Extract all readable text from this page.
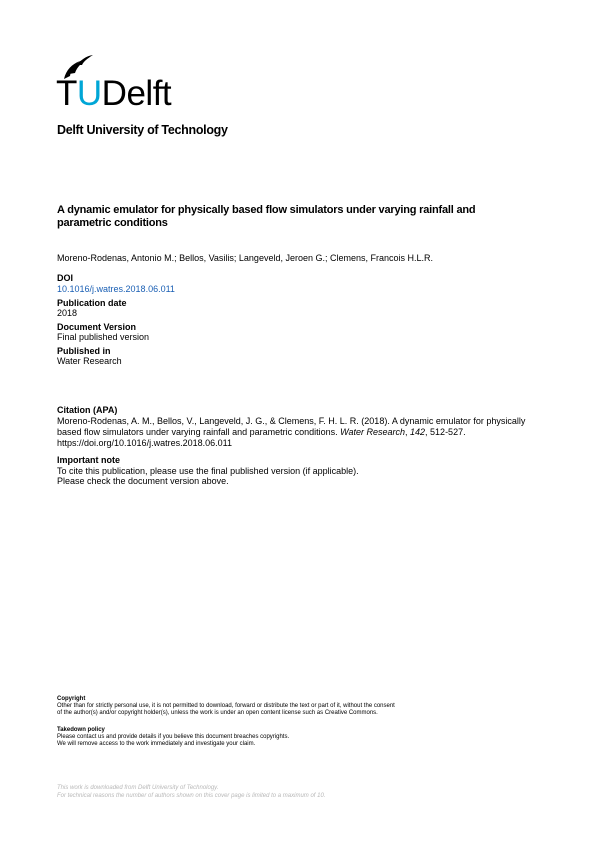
TUDelft
Delft University of Technology
A dynamic emulator for physically based flow simulators under varying rainfall and parametric conditions
Moreno-Rodenas, Antonio M.; Bellos, Vasilis; Langeveld, Jeroen G.; Clemens, Francois H.L.R.
DOI
10.1016/j.watres.2018.06.011
Publication date
2018
Document Version
Final published version
Published in
Water Research
Citation (APA)
Moreno-Rodenas, A. M., Bellos, V., Langeveld, J. G., & Clemens, F. H. L. R. (2018). A dynamic emulator for physically based flow simulators under varying rainfall and parametric conditions. Water Research, 142, 512-527. https://doi.org/10.1016/j.watres.2018.06.011
Important note
To cite this publication, please use the final published version (if applicable).
Please check the document version above.
Copyright
Other than for strictly personal use, it is not permitted to download, forward or distribute the text or part of it, without the consent
of the author(s) and/or copyright holder(s), unless the work is under an open content license such as Creative Commons.
Takedown policy
Please contact us and provide details if you believe this document breaches copyrights.
We will remove access to the work immediately and investigate your claim.
This work is downloaded from Delft University of Technology.
For technical reasons the number of authors shown on this cover page is limited to a maximum of 10.
